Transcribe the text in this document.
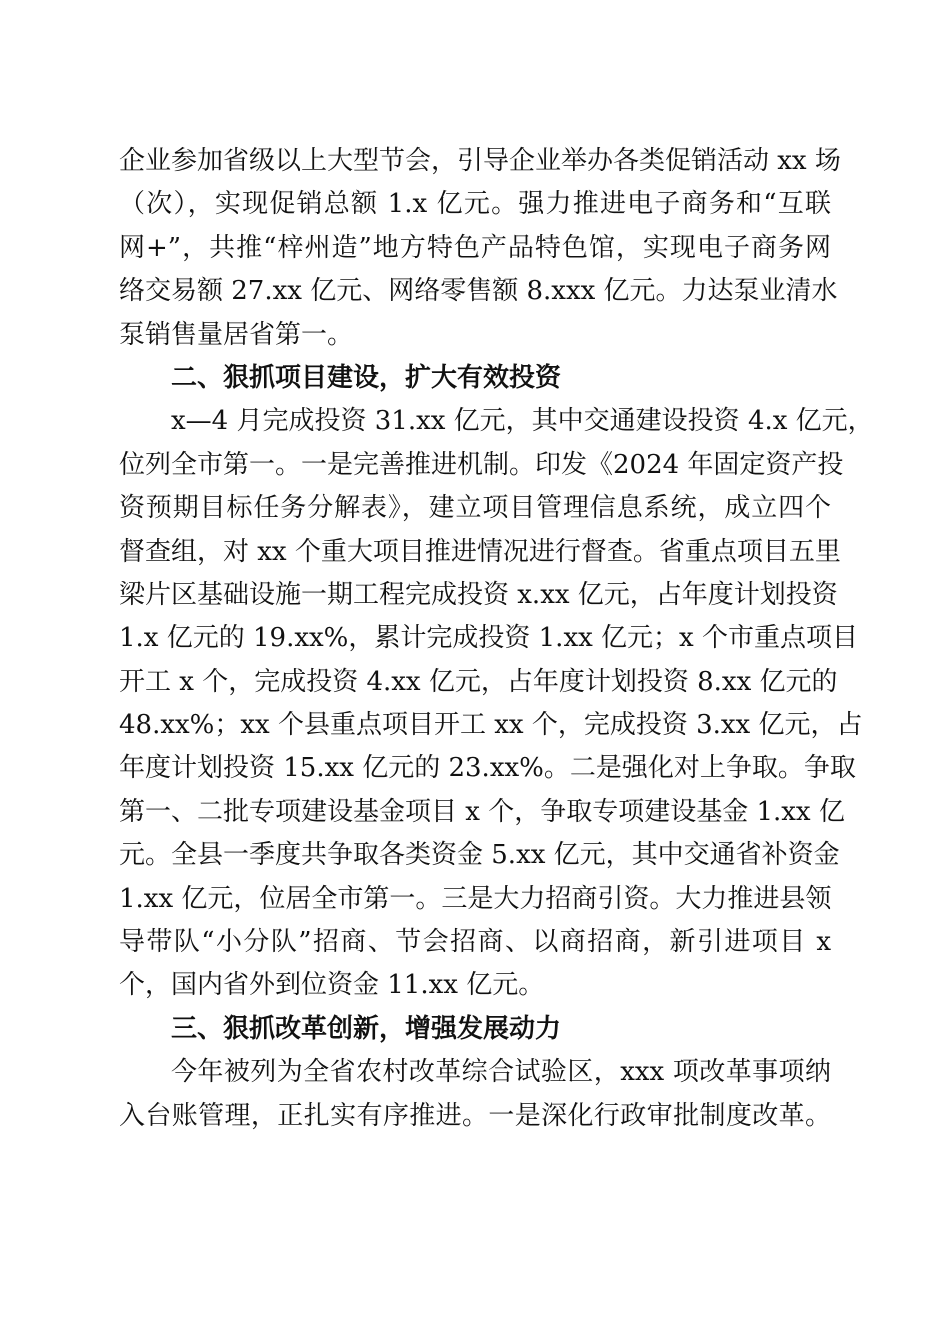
企业参加省级以上大型节会，引导企业举办各类促销活动 xx 场
（次），实现促销总额 1.x 亿元。强力推进电子商务和“互联
网+”，共推“梓州造”地方特色产品特色馆，实现电子商务网
络交易额 27.xx 亿元、网络零售额 8.xxx 亿元。力达泵业清水
泵销售量居省第一。
二、狠抓项目建设，扩大有效投资
x—4 月完成投资 31.xx 亿元，其中交通建设投资 4.x 亿元，
位列全市第一。一是完善推进机制。印发《2024 年固定资产投
资预期目标任务分解表》，建立项目管理信息系统，成立四个
督查组，对 xx 个重大项目推进情况进行督查。省重点项目五里
梁片区基础设施一期工程完成投资 x.xx 亿元，占年度计划投资
1.x 亿元的 19.xx%，累计完成投资 1.xx 亿元；x 个市重点项目
开工 x 个，完成投资 4.xx 亿元，占年度计划投资 8.xx 亿元的
48.xx%；xx 个县重点项目开工 xx 个，完成投资 3.xx 亿元，占
年度计划投资 15.xx 亿元的 23.xx%。二是强化对上争取。争取
第一、二批专项建设基金项目 x 个，争取专项建设基金 1.xx 亿
元。全县一季度共争取各类资金 5.xx 亿元，其中交通省补资金
1.xx 亿元，位居全市第一。三是大力招商引资。大力推进县领
导带队“小分队”招商、节会招商、以商招商，新引进项目 x
个，国内省外到位资金 11.xx 亿元。
三、狠抓改革创新，增强发展动力
今年被列为全省农村改革综合试验区，xxx 项改革事项纳
入台账管理，正扎实有序推进。一是深化行政审批制度改革。
